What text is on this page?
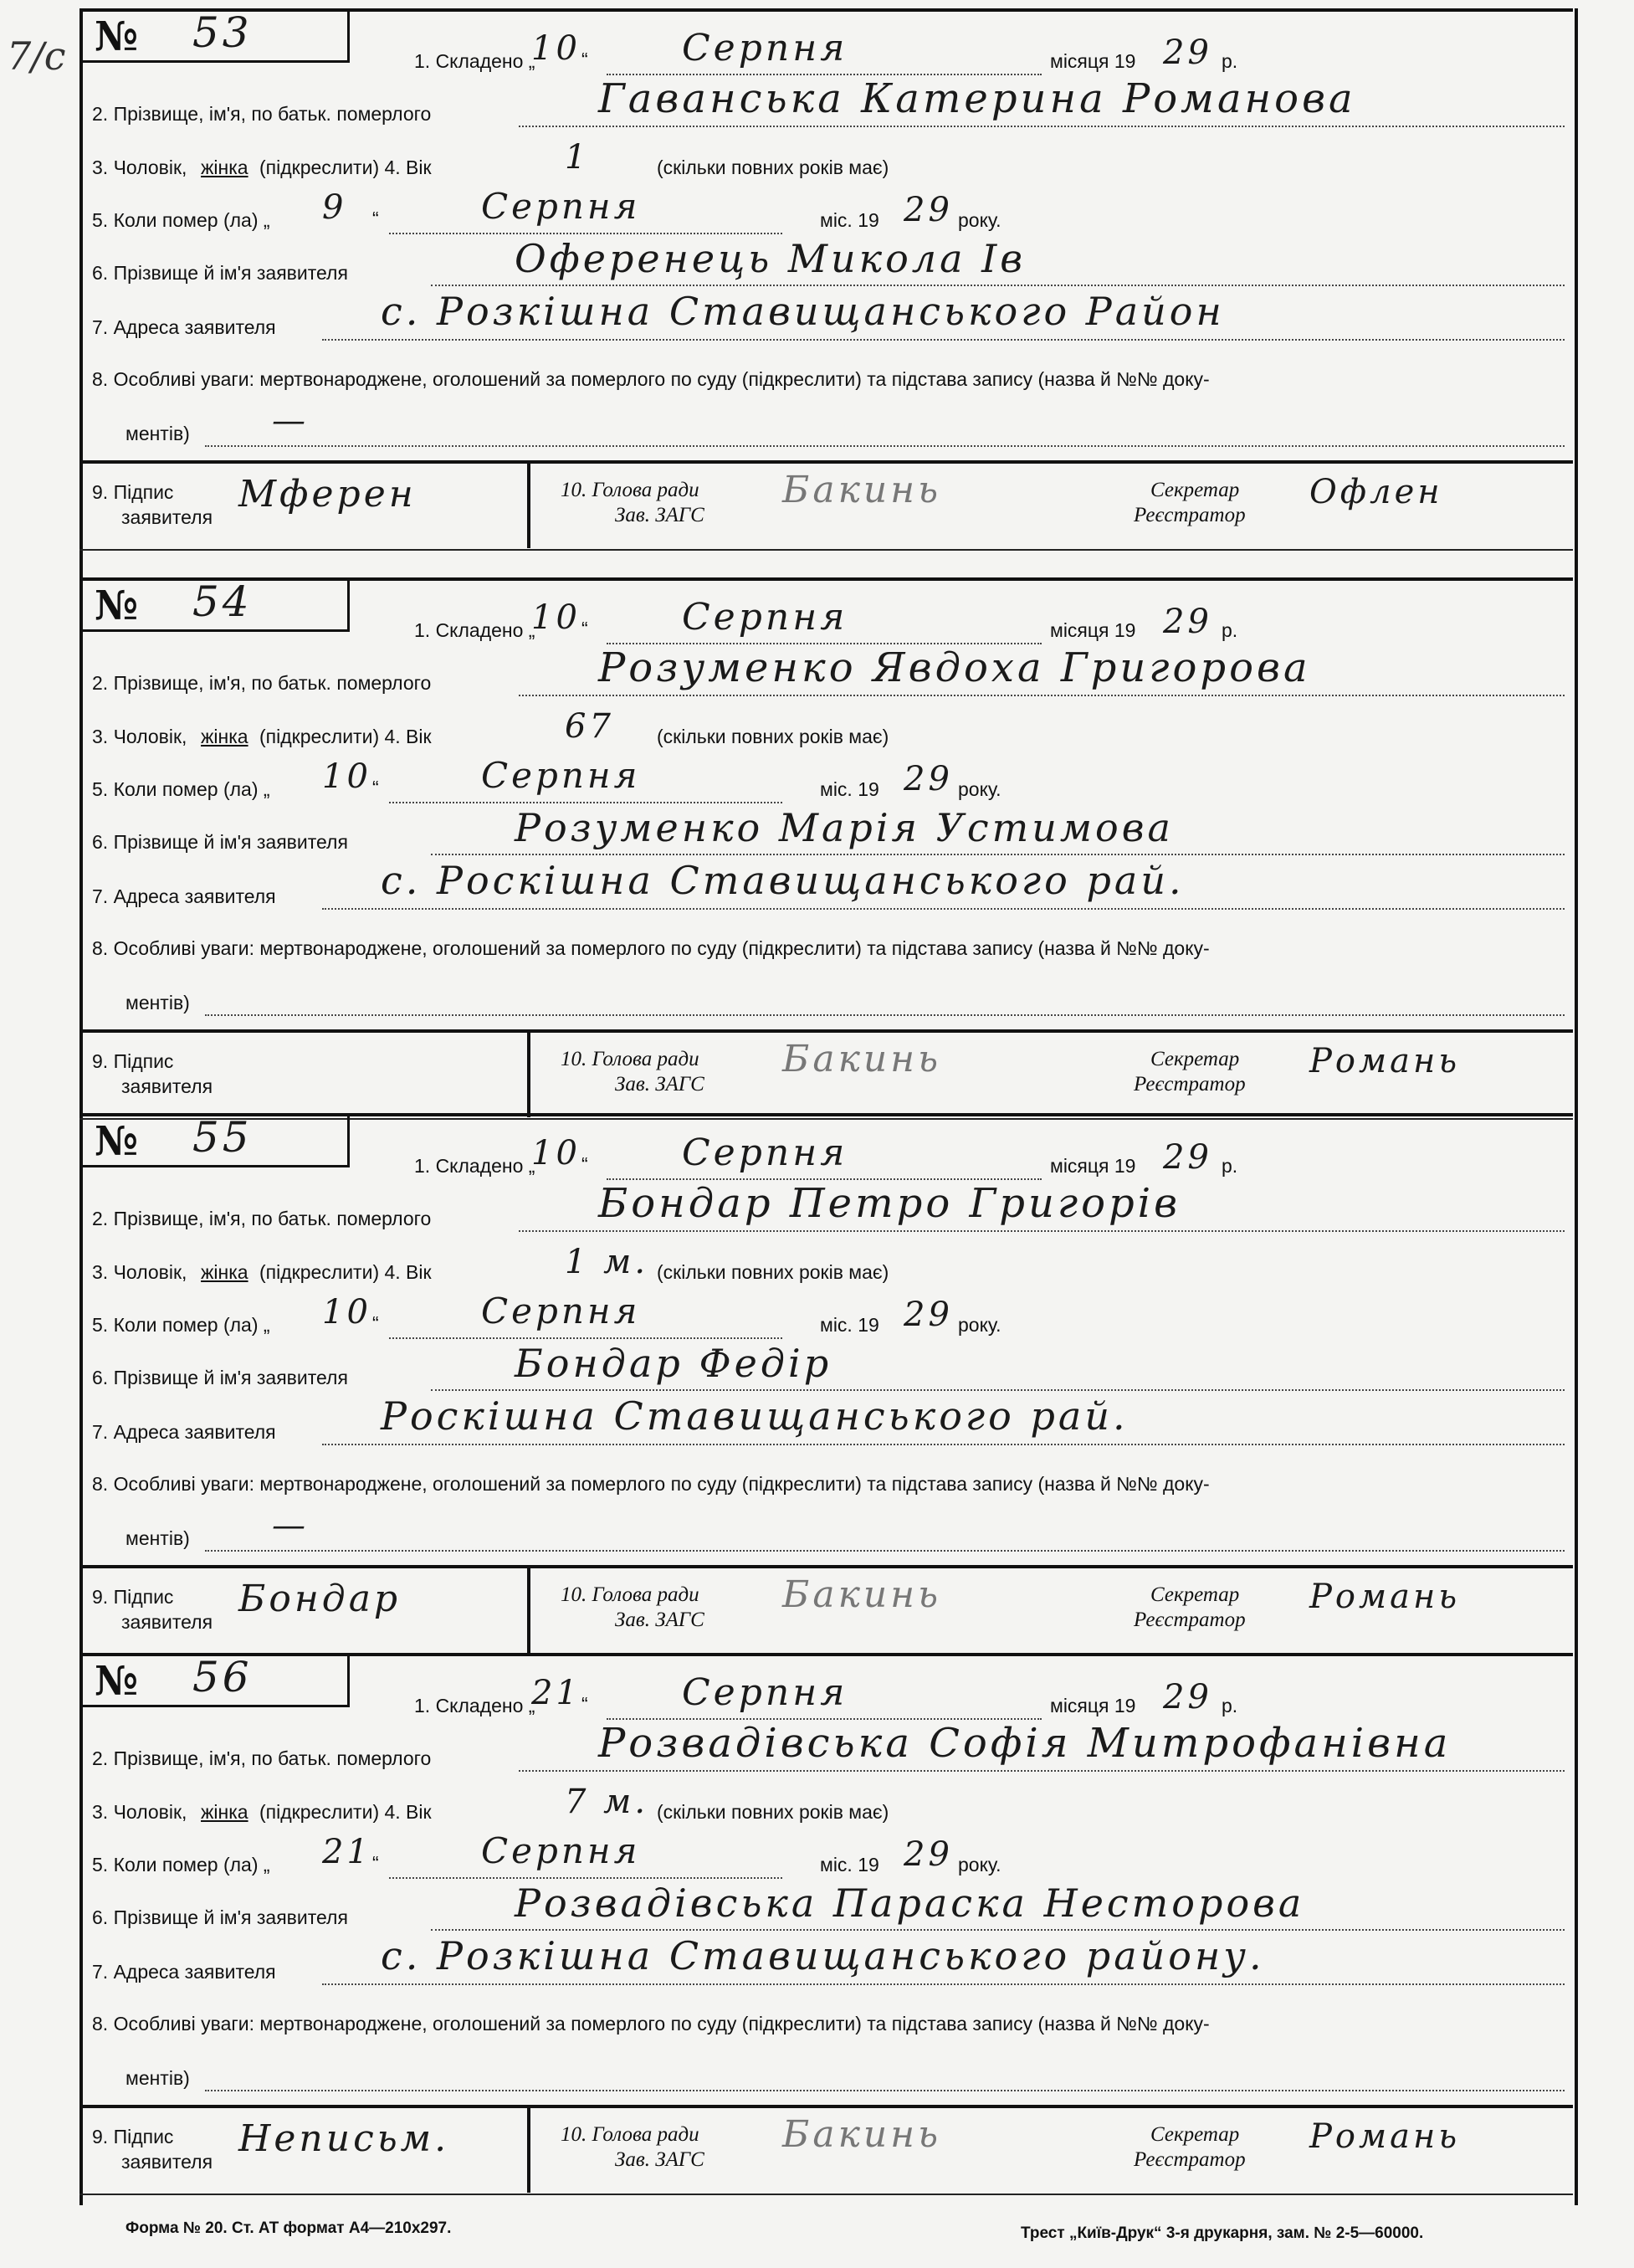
7/с № 53
1. Складено „
10 “	Серпня	місяця 19 29 р.
2. Прізвище, ім'я, по батьк. померлого	Гаванська Катерина Романова
3. Чоловік, жінка (підкреслити) 4. Вік	1	(скільки повних років має)
5. Коли помер (ла) „ 9 “	Серпня	міс. 19 29 року.
6. Прізвище й ім'я заявителя	Оференець Микола Ів
7. Адреса заявителя	с. Розкішна Ставищанського Район
8. Особливі уваги: мертвонароджене, оголошений за померлого по суду (підкреслити) та підстава запису (назва й №№ доку-
ментів) —
9. Підпис
заявителя
Мферен	10. Голова ради
Зав. ЗАГС
Бакинь	Секретар
Реєстратор
Офлен
№ 54
1. Складено „
10 “	Серпня	місяця 19 29 р.
2. Прізвище, ім'я, по батьк. померлого	Розуменко Явдоха Григорова
3. Чоловік, жінка (підкреслити) 4. Вік	67 (скільки повних років має)
5. Коли помер (ла) „ 10 “	Серпня	міс. 19 29 року.
6. Прізвище й ім'я заявителя	Розуменко Марія Устимова
7. Адреса заявителя	с. Роскішна Ставищанського рай.
8. Особливі уваги: мертвонароджене, оголошений за померлого по суду (підкреслити) та підстава запису (назва й №№ доку-
ментів)
9. Підпис
заявителя
10. Голова ради
Зав. ЗАГС
Бакинь	Секретар
Реєстратор
Романь
№ 55
1. Складено „
10 “	Серпня	місяця 19 29 р.
2. Прізвище, ім'я, по батьк. померлого	Бондар Петро Григорів
3. Чоловік, жінка (підкреслити) 4. Вік	1 м. (скільки повних років має)
5. Коли помер (ла) „ 10 “	Серпня	міс. 19 29 року.
6. Прізвище й ім'я заявителя	Бондар Федір
7. Адреса заявителя	Роскішна Ставищанського рай.
8. Особливі уваги: мертвонароджене, оголошений за померлого по суду (підкреслити) та підстава запису (назва й №№ доку-
ментів) —
9. Підпис
заявителя
Бондар	10. Голова ради
Зав. ЗАГС
Бакинь	Секретар
Реєстратор
Романь
№ 56
1. Складено „
21 “	Серпня	місяця 19 29 р.
2. Прізвище, ім'я, по батьк. померлого	Розвадівська Софія Митрофанівна
3. Чоловік, жінка (підкреслити) 4. Вік	7 м. (скільки повних років має)
5. Коли помер (ла) „ 21 “	Серпня	міс. 19 29 року.
6. Прізвище й ім'я заявителя	Розвадівська Параска Несторова
7. Адреса заявителя	с. Розкішна Ставищанського району.
8. Особливі уваги: мертвонароджене, оголошений за померлого по суду (підкреслити) та підстава запису (назва й №№ доку-
ментів)
9. Підпис
заявителя
Неписьм.	10. Голова ради
Зав. ЗАГС
Бакинь	Секретар
Реєстратор
Романь
Форма № 20. Ст. АТ формат А4—210х297.	Трест „Київ-Друк“ 3-я друкарня, зам. № 2-5—60000.
